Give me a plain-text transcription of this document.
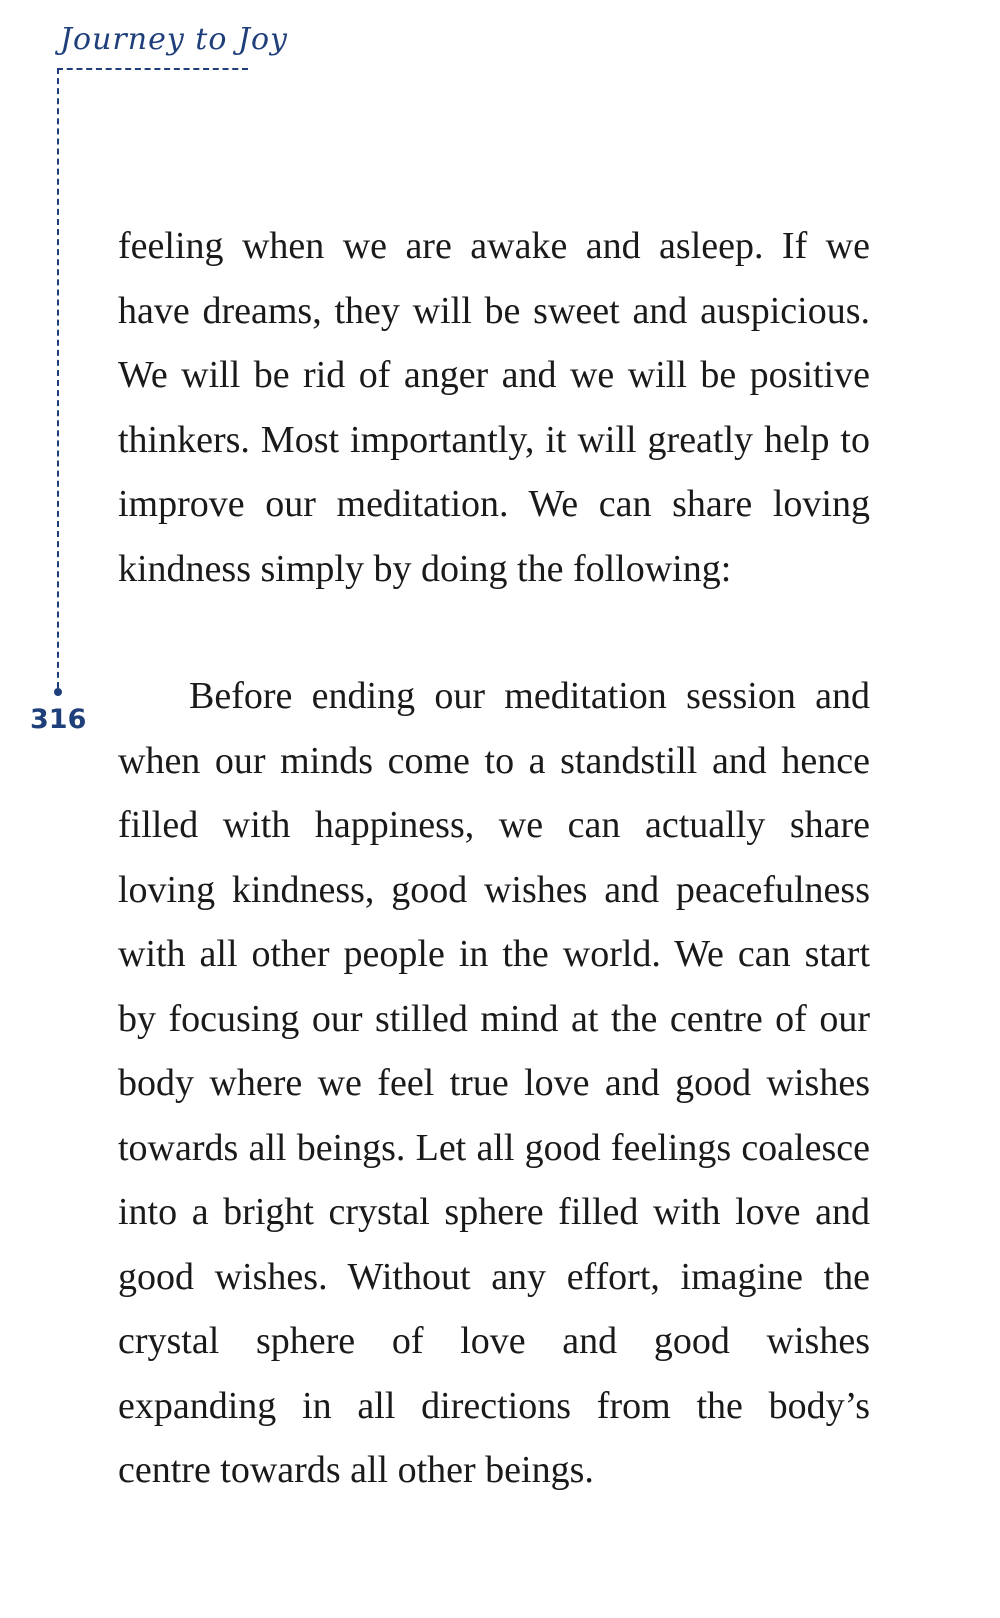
Journey to Joy
316

feeling when we are awake and asleep. If we have dreams, they will be sweet and auspicious. We will be rid of anger and we will be positive thinkers. Most importantly, it will greatly help to improve our meditation. We can share loving kindness simply by doing the following:

Before ending our meditation session and when our minds come to a standstill and hence filled with happiness, we can actually share loving kindness, good wishes and peacefulness with all other people in the world. We can start by focusing our stilled mind at the centre of our body where we feel true love and good wishes towards all beings. Let all good feelings coalesce into a bright crystal sphere filled with love and good wishes. Without any effort, imagine the crystal sphere of love and good wishes expanding in all directions from the body’s centre towards all other beings.
